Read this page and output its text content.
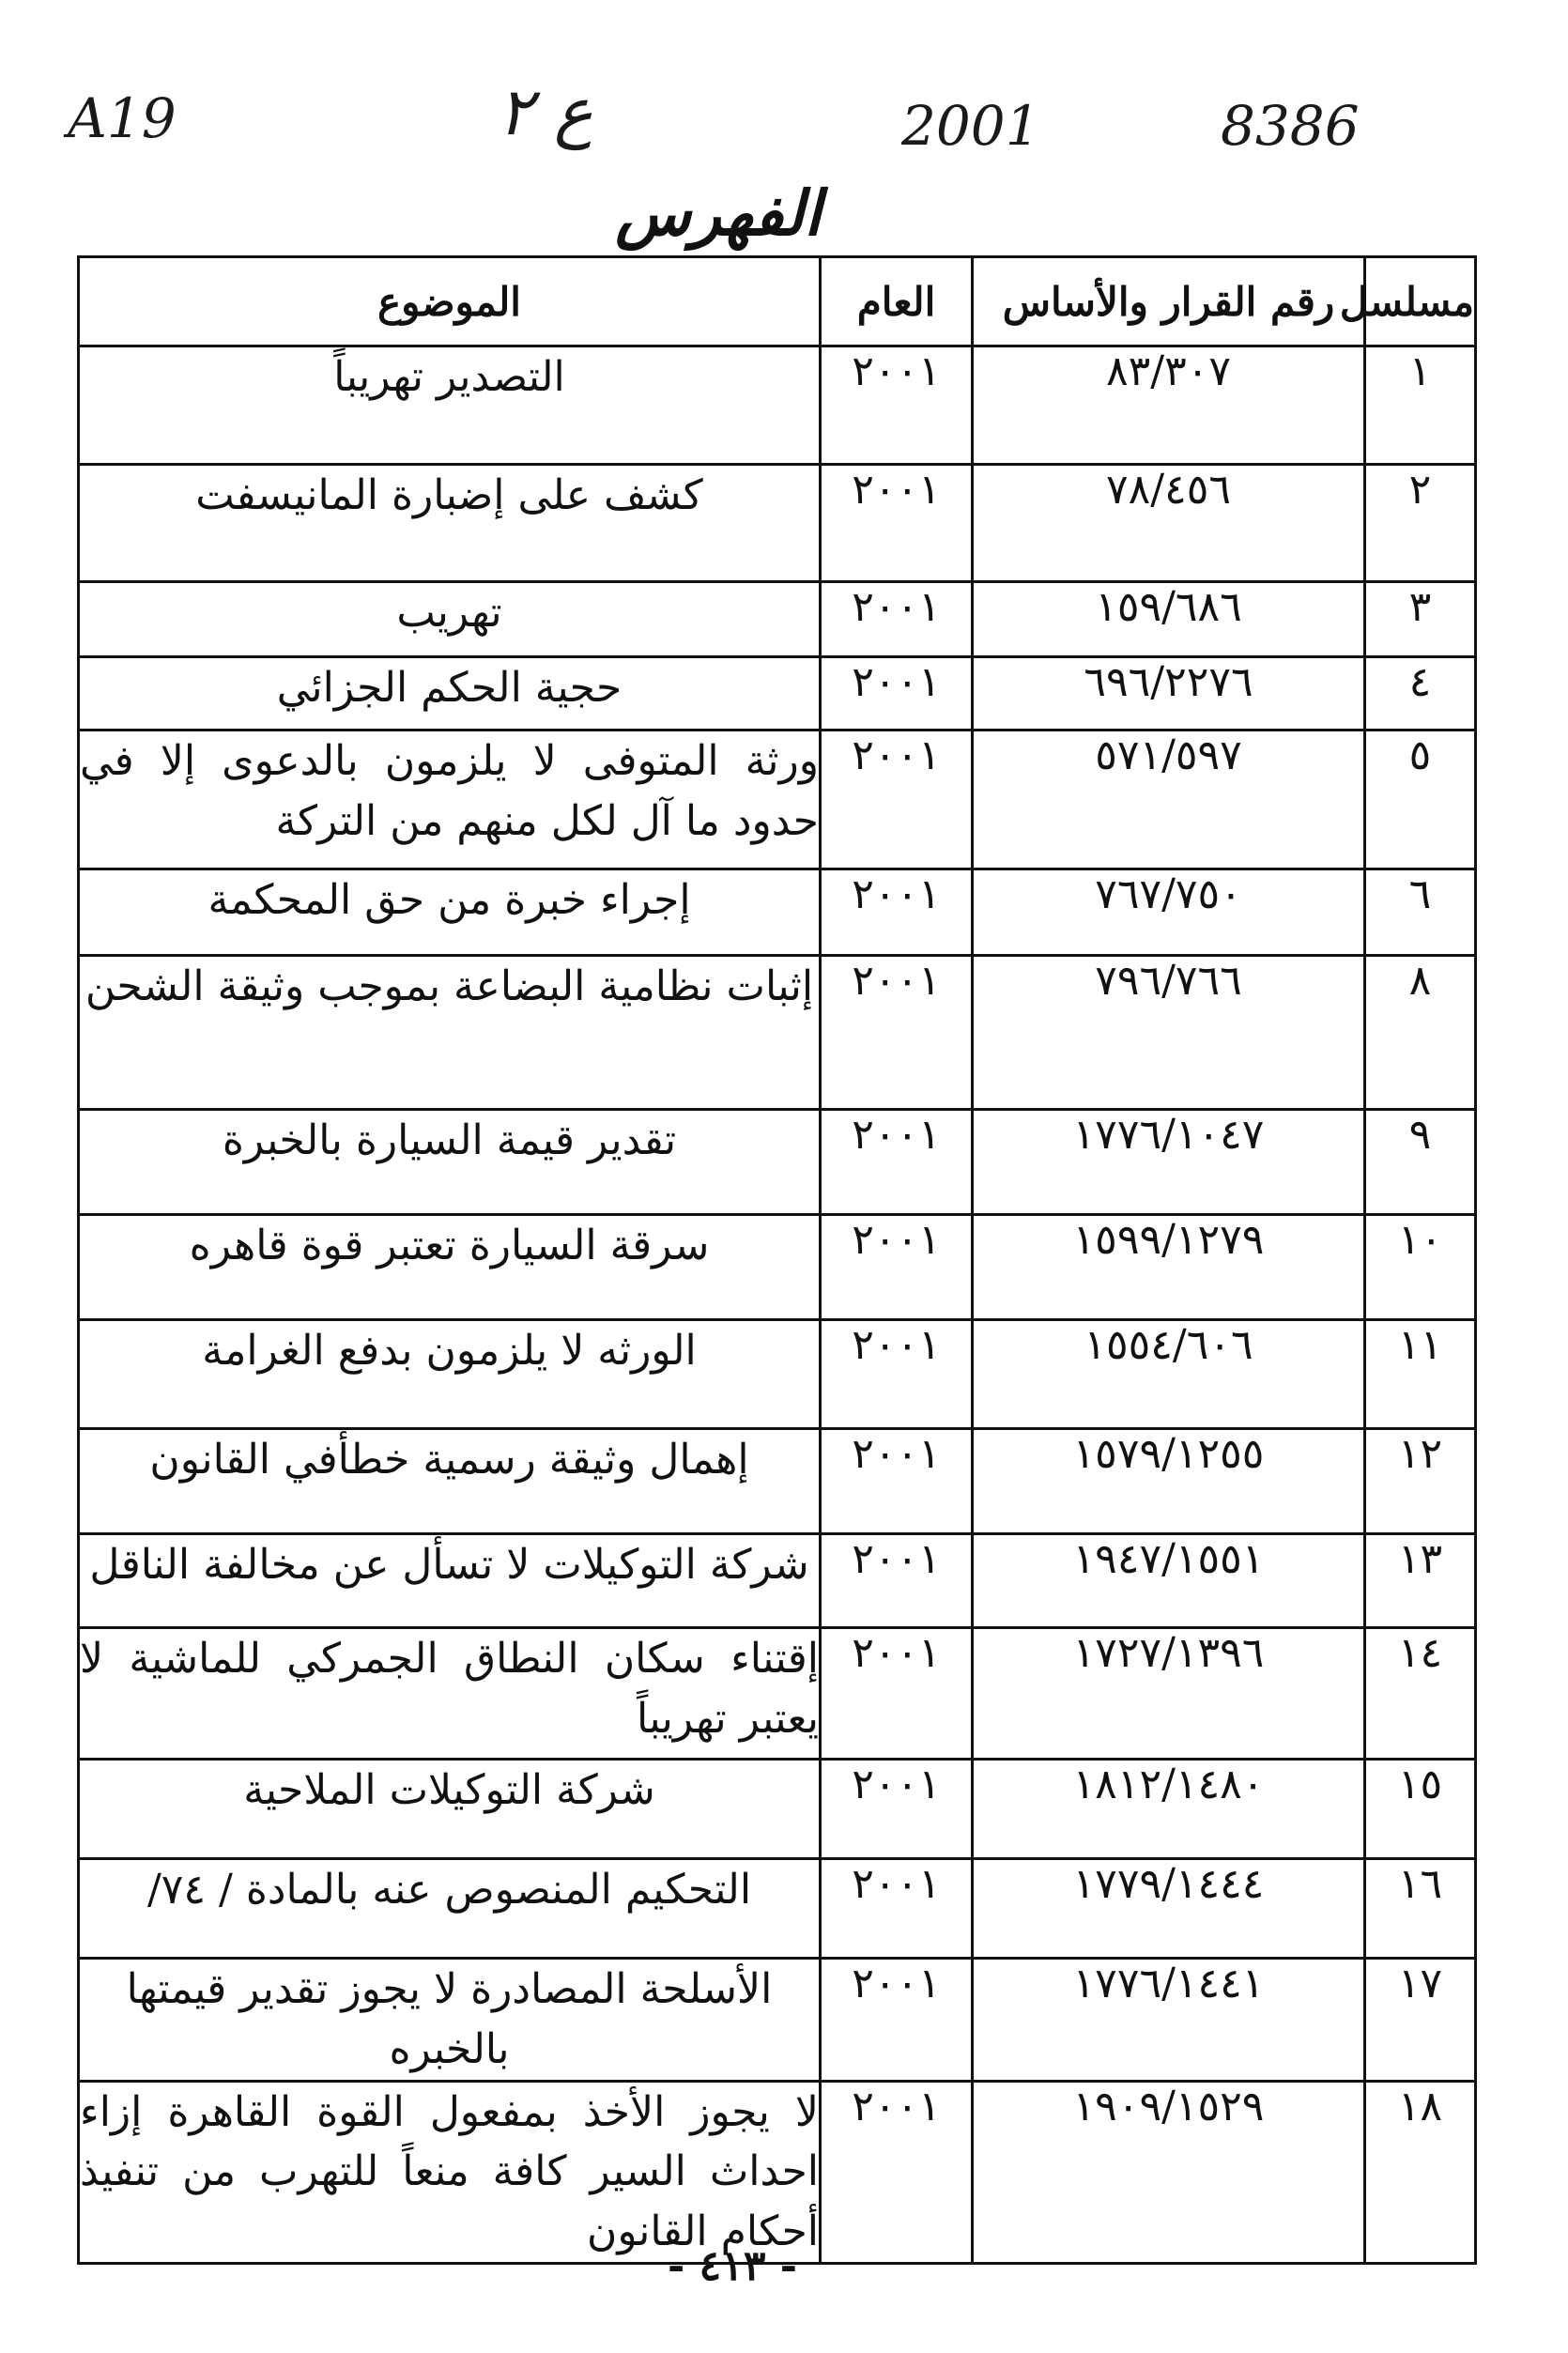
A19	ع ٢	2001	8386
الفهرس
مسلسل	رقم القرار والأساس	العام	الموضوع
١	٨٣/٣٠٧	٢٠٠١	التصدير تهريباً
٢	٧٨/٤٥٦	٢٠٠١	كشف على إضبارة المانيسفت
٣	١٥٩/٦٨٦	٢٠٠١	تهريب
٤	٦٩٦/٢٢٧٦	٢٠٠١	حجية الحكم الجزائي
٥	٥٧١/٥٩٧	٢٠٠١	ورثة المتوفى لا يلزمون بالدعوى إلا في حدود ما آل لكل منهم من التركة
٦	٧٦٧/٧٥٠	٢٠٠١	إجراء خبرة من حق المحكمة
٨	٧٩٦/٧٦٦	٢٠٠١	إثبات نظامية البضاعة بموجب وثيقة الشحن
٩	١٧٧٦/١٠٤٧	٢٠٠١	تقدير قيمة السيارة بالخبرة
١٠	١٥٩٩/١٢٧٩	٢٠٠١	سرقة السيارة تعتبر قوة قاهره
١١	١٥٥٤/٦٠٦	٢٠٠١	الورثه لا يلزمون بدفع الغرامة
١٢	١٥٧٩/١٢٥٥	٢٠٠١	إهمال وثيقة رسمية خطأفي القانون
١٣	١٩٤٧/١٥٥١	٢٠٠١	شركة التوكيلات لا تسأل عن مخالفة الناقل
١٤	١٧٢٧/١٣٩٦	٢٠٠١	إقتناء سكان النطاق الجمركي للماشية لا يعتبر تهريباً
١٥	١٨١٢/١٤٨٠	٢٠٠١	شركة التوكيلات الملاحية
١٦	١٧٧٩/١٤٤٤	٢٠٠١	التحكيم المنصوص عنه بالمادة / ٧٤/
١٧	١٧٧٦/١٤٤١	٢٠٠١	الأسلحة المصادرة لا يجوز تقدير قيمتها بالخبره
١٨	١٩٠٩/١٥٢٩	٢٠٠١	لا يجوز الأخذ بمفعول القوة القاهرة إزاء احداث السير كافة منعاً للتهرب من تنفيذ أحكام القانون
- ٤١٣ -
